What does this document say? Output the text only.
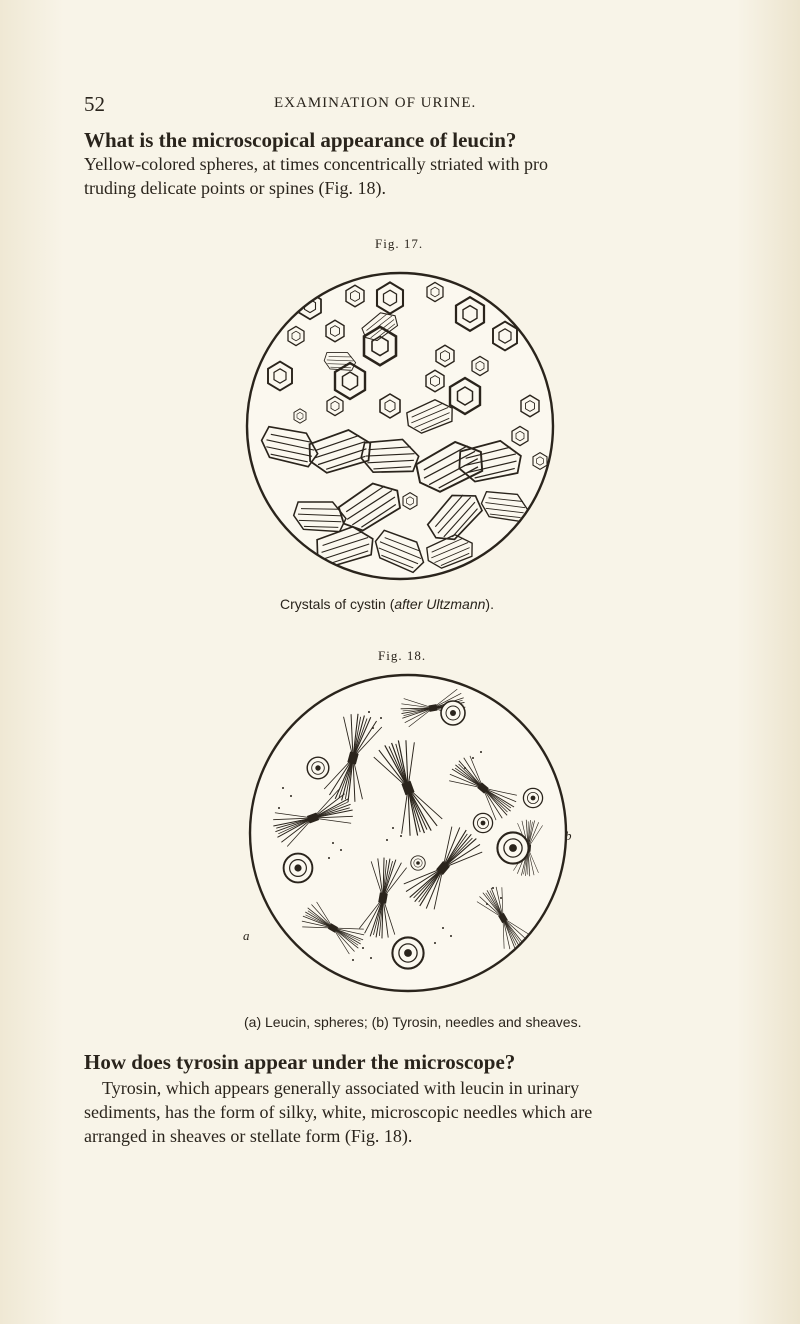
52	EXAMINATION OF URINE.
What is the microscopical appearance of leucin?
Yellow-colored spheres, at times concentrically striated with pro
truding delicate points or spines (Fig. 18).
Fig. 17.
Crystals of cystin (after Ultzmann).
Fig. 18.
a
b
(a) Leucin, spheres; (b) Tyrosin, needles and sheaves.
How does tyrosin appear under the microscope?
Tyrosin, which appears generally associated with leucin in urinary
sediments, has the form of silky, white, microscopic needles which are
arranged in sheaves or stellate form (Fig. 18).
